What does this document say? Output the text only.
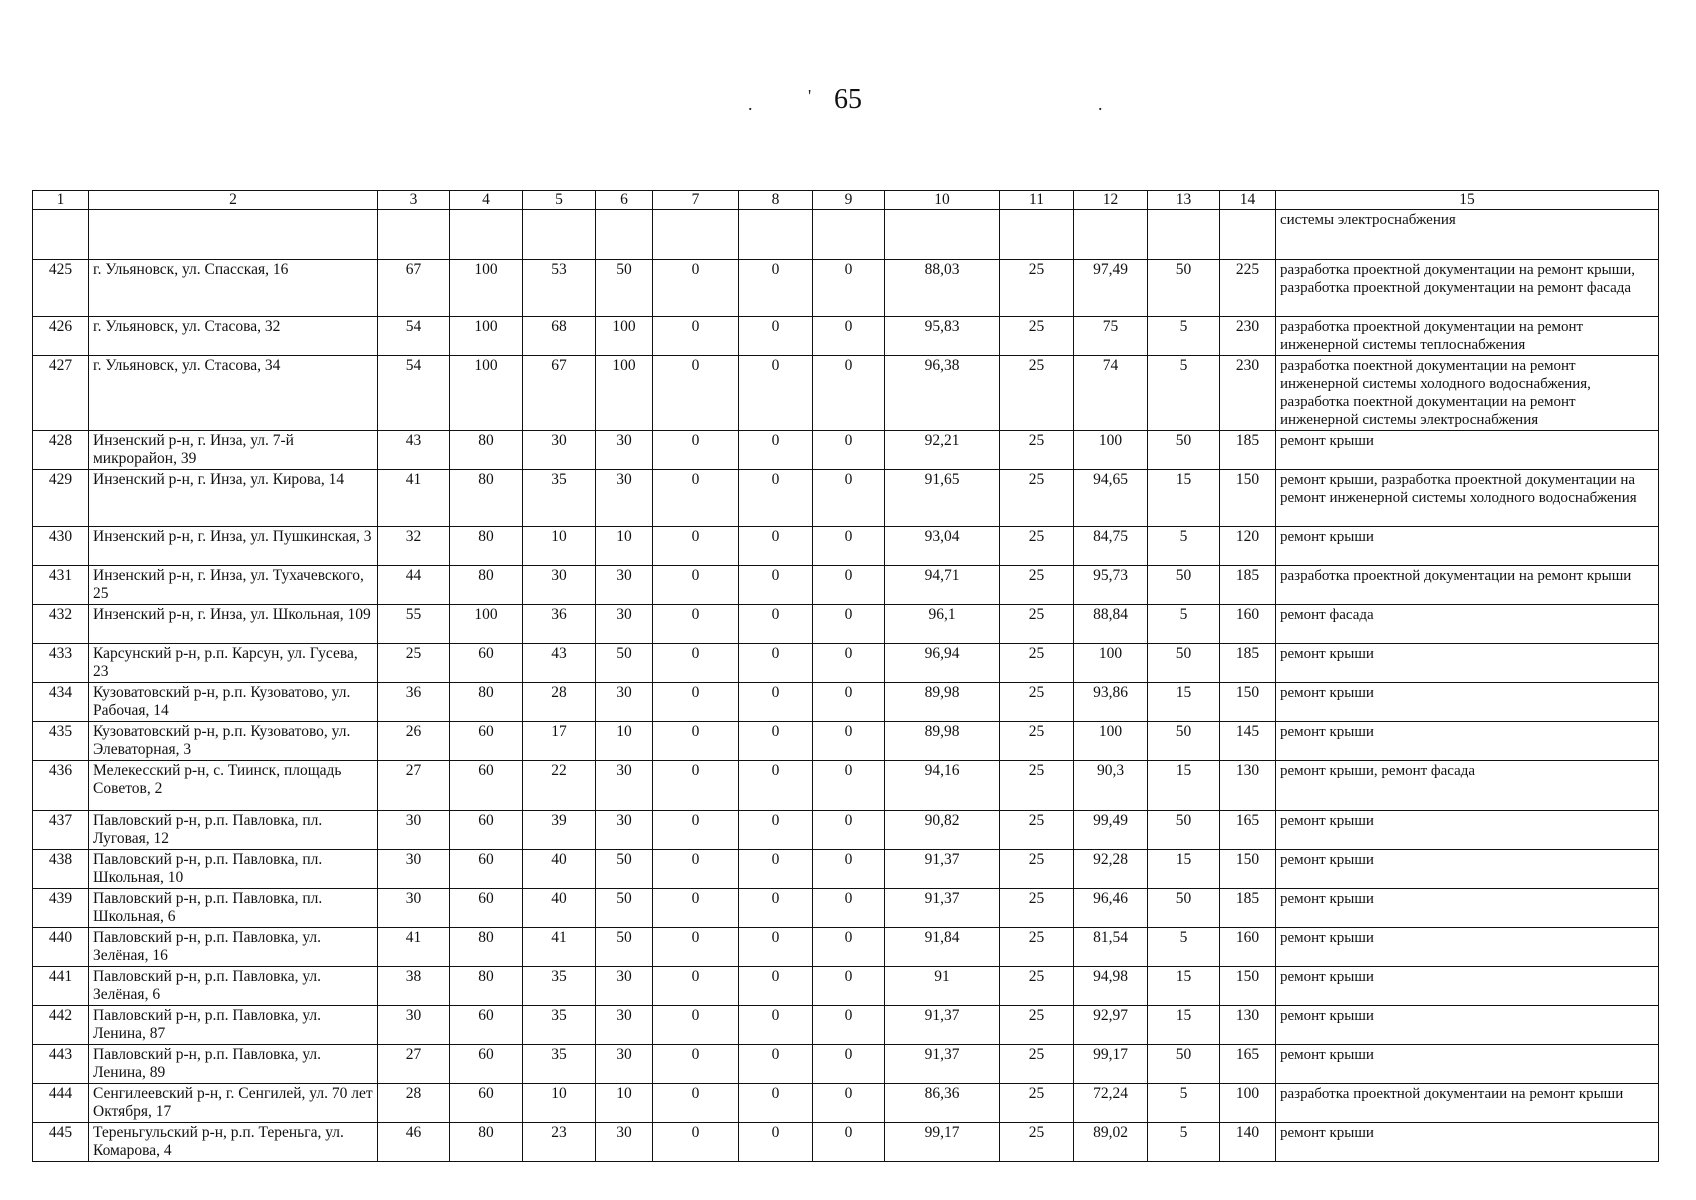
65
.	'	.
1	2	3	4	5	6	7	8	9	10	11	12	13	14	15
														системы электроснабжения
425	г. Ульяновск, ул. Спасская, 16	67	100	53	50	0	0	0	88,03	25	97,49	50	225	разработка проектной документации на ремонт крыши, разработка проектной документации на ремонт фасада
426	г. Ульяновск, ул. Стасова, 32	54	100	68	100	0	0	0	95,83	25	75	5	230	разработка проектной документации на ремонт инженерной системы теплоснабжения
427	г. Ульяновск, ул. Стасова, 34	54	100	67	100	0	0	0	96,38	25	74	5	230	разработка поектной документации на ремонт инженерной системы холодного водоснабжения, разработка поектной документации на ремонт инженерной системы электроснабжения
428	Инзенский р-н, г. Инза, ул. 7-й микрорайон, 39	43	80	30	30	0	0	0	92,21	25	100	50	185	ремонт крыши
429	Инзенский р-н, г. Инза, ул. Кирова, 14	41	80	35	30	0	0	0	91,65	25	94,65	15	150	ремонт крыши, разработка проектной документации на ремонт инженерной системы холодного водоснабжения
430	Инзенский р-н, г. Инза, ул. Пушкинская, 3	32	80	10	10	0	0	0	93,04	25	84,75	5	120	ремонт крыши
431	Инзенский р-н, г. Инза, ул. Тухачевского, 25	44	80	30	30	0	0	0	94,71	25	95,73	50	185	разработка проектной документации на ремонт крыши
432	Инзенский р-н, г. Инза, ул. Школьная, 109	55	100	36	30	0	0	0	96,1	25	88,84	5	160	ремонт фасада
433	Карсунский р-н, р.п. Карсун, ул. Гусева, 23	25	60	43	50	0	0	0	96,94	25	100	50	185	ремонт крыши
434	Кузоватовский р-н, р.п. Кузоватово, ул. Рабочая, 14	36	80	28	30	0	0	0	89,98	25	93,86	15	150	ремонт крыши
435	Кузоватовский р-н, р.п. Кузоватово, ул. Элеваторная, 3	26	60	17	10	0	0	0	89,98	25	100	50	145	ремонт крыши
436	Мелекесский р-н, с. Тиинск, площадь Советов, 2	27	60	22	30	0	0	0	94,16	25	90,3	15	130	ремонт крыши, ремонт фасада
437	Павловский р-н, р.п. Павловка, пл. Луговая, 12	30	60	39	30	0	0	0	90,82	25	99,49	50	165	ремонт крыши
438	Павловский р-н, р.п. Павловка, пл. Школьная, 10	30	60	40	50	0	0	0	91,37	25	92,28	15	150	ремонт крыши
439	Павловский р-н, р.п. Павловка, пл. Школьная, 6	30	60	40	50	0	0	0	91,37	25	96,46	50	185	ремонт крыши
440	Павловский р-н, р.п. Павловка, ул. Зелёная, 16	41	80	41	50	0	0	0	91,84	25	81,54	5	160	ремонт крыши
441	Павловский р-н, р.п. Павловка, ул. Зелёная, 6	38	80	35	30	0	0	0	91	25	94,98	15	150	ремонт крыши
442	Павловский р-н, р.п. Павловка, ул. Ленина, 87	30	60	35	30	0	0	0	91,37	25	92,97	15	130	ремонт крыши
443	Павловский р-н, р.п. Павловка, ул. Ленина, 89	27	60	35	30	0	0	0	91,37	25	99,17	50	165	ремонт крыши
444	Сенгилеевский р-н, г. Сенгилей, ул. 70 лет Октября, 17	28	60	10	10	0	0	0	86,36	25	72,24	5	100	разработка проектной документаии на ремонт крыши
445	Тереньгульский р-н, р.п. Тереньга, ул. Комарова, 4	46	80	23	30	0	0	0	99,17	25	89,02	5	140	ремонт крыши
